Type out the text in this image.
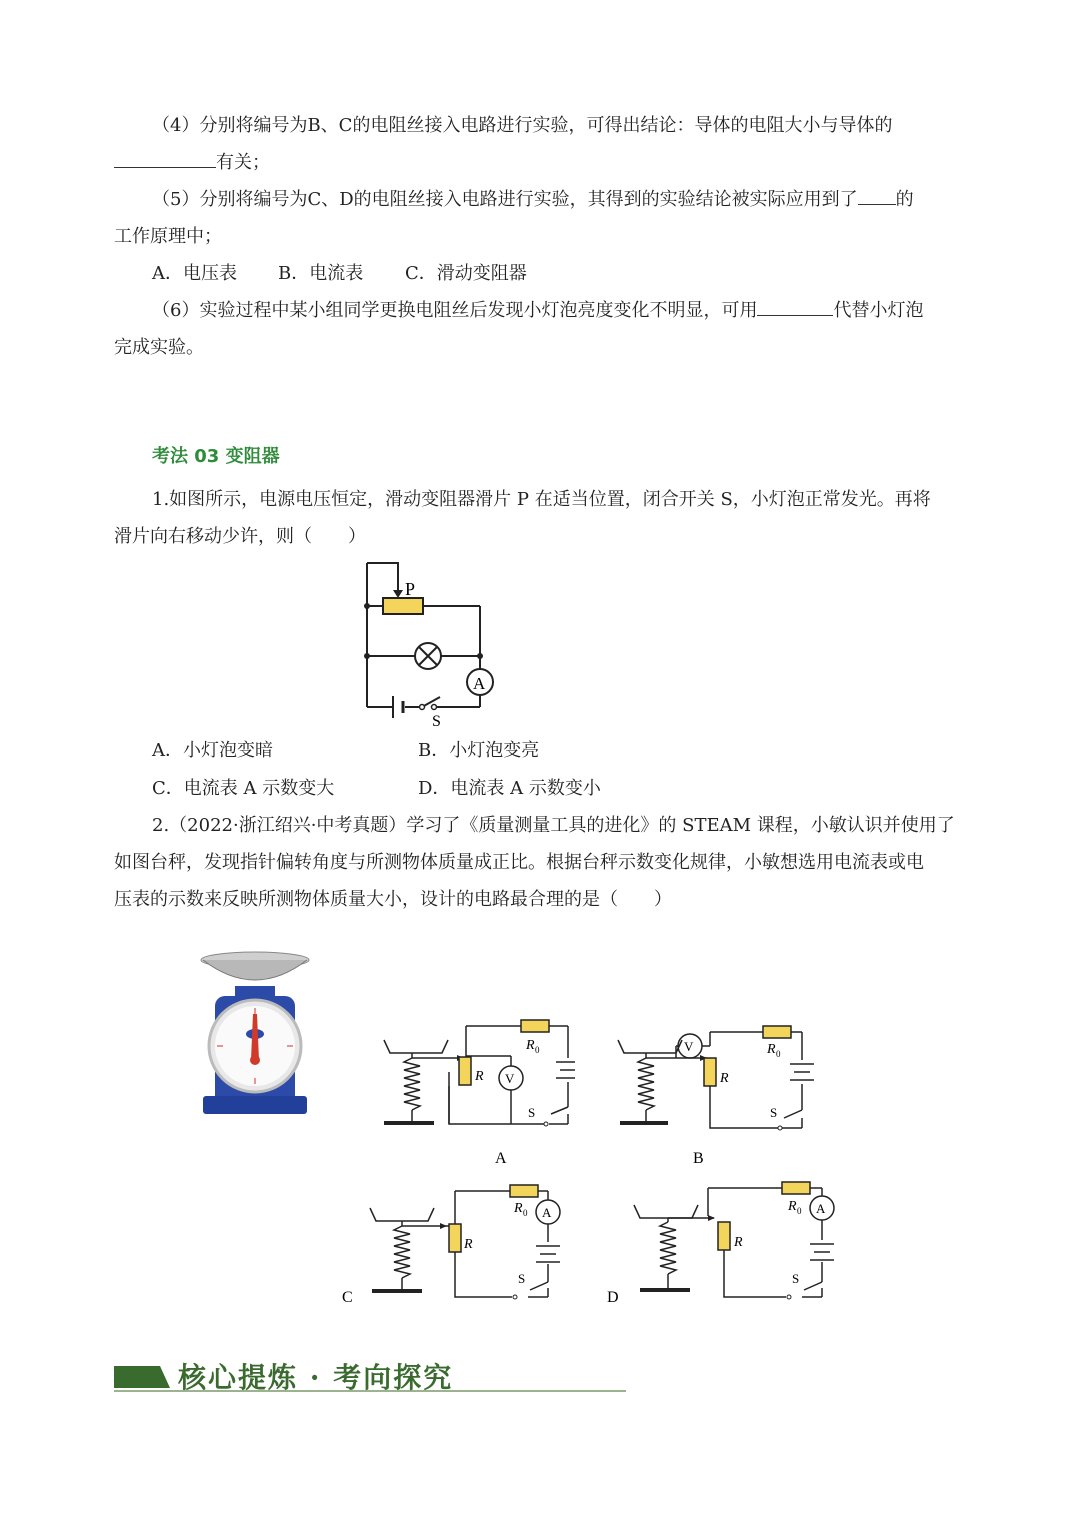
（4）分别将编号为B、C的电阻丝接入电路进行实验，可得出结论：导体的电阻大小与导体的
有关；
（5）分别将编号为C、D的电阻丝接入电路进行实验，其得到的实验结论被实际应用到了 的
工作原理中；
A．电压表 B．电流表 C．滑动变阻器
（6）实验过程中某小组同学更换电阻丝后发现小灯泡亮度变化不明显，可用	代替小灯泡
完成实验。
考法 03 变阻器
1.如图所示，电源电压恒定，滑动变阻器滑片 P 在适当位置，闭合开关 S，小灯泡正常发光。再将
滑片向右移动少许，则（　　）
P
A
S
A．小灯泡变暗	B．小灯泡变亮
C．电流表 A 示数变大	D．电流表 A 示数变小
2.（2022·浙江绍兴·中考真题）学习了《质量测量工具的进化》的 STEAM 课程，小敏认识并使用了
如图台秤，发现指针偏转角度与所测物体质量成正比。根据台秤示数变化规律，小敏想选用电流表或电
压表的示数来反映所测物体质量大小，设计的电路最合理的是（　　）
R
R 0
V
S
A
R
R 0
V
S
B
R
R 0 A
S
C
R
R 0 A
S
D
核心提炼 · 考向探究
